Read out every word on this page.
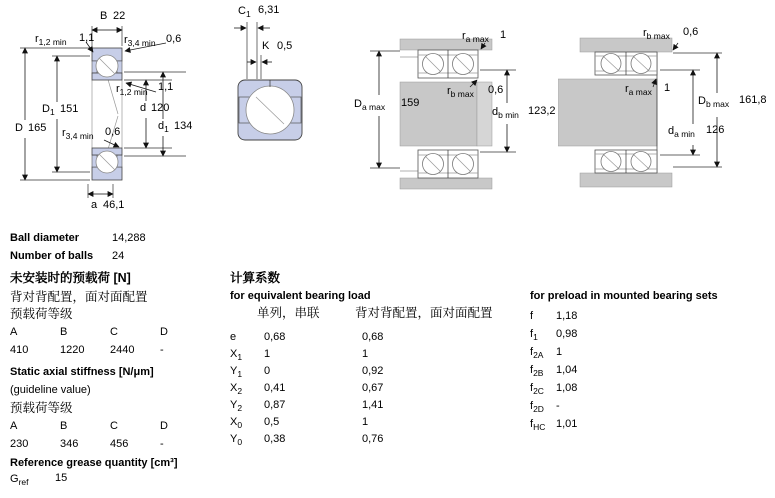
B 22
$r_{1,2 min}$ 1,1	$r_{3,4 min}$ 0,6
$r_{1,2 min}$ 1,1
$D_1$ 151	d 120
D 165 $r_{3,4 min}$ 0,6	$d_1$ 134
a 46,1
$C_1$ 6,31
K 0,5
$r_{a max}$ 1
$r_{b max}$ 0,6
$D_{a max}$ 159
$d_{b min}$ 123,2
$r_{b max}$ 0,6
$r_{a max}$ 1
$D_{b max}$ 161,8
$d_{a min}$ 126
Ball diameter	14,288
Number of balls 24
未安装时的预载荷 [N]
背对背配置，面对面配置
预载荷等级
A	B	C	D
410	1220 2440 -
Static axial stiffness [N/μm]
(guideline value)
预载荷等级
A	B	C	D
230	346	456	-
Reference grease quantity [cm³]
$G_{ref}$ 15
计算系数
for equivalent bearing load
单列，串联	背对背配置，面对面配置
e	0,68	0,68
$X_1$ 1	1
$Y_1$ 0	0,92
$X_2$ 0,41	0,67
$Y_2$ 0,87	1,41
$X_0$ 0,5	1
$Y_0$ 0,38	0,76
for preload in mounted bearing sets
f 1,18
$f_1$ 0,98
$f_{2A}$ 1
$f_{2B}$ 1,04
$f_{2C}$ 1,08
$f_{2D}$ -
$f_{HC}$ 1,01
